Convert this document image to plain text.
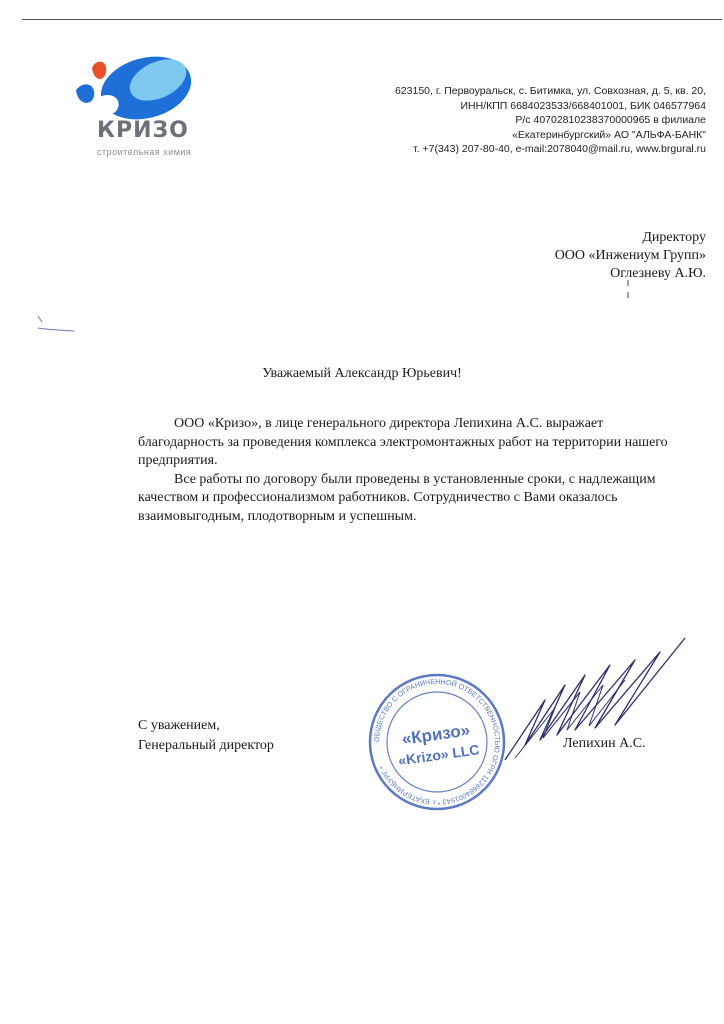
КРИЗО
строительная химия
623150, г. Первоуральск, с. Битимка, ул. Совхозная, д. 5, кв. 20,
ИНН/КПП 6684023533/668401001, БИК 046577964
Р/с 40702810238370000965 в филиале
«Екатеринбургский» АО "АЛЬФА-БАНК"
т. +7(343) 207-80-40, e-mail:2078040@mail.ru, www.brgural.ru
Директору
ООО «Инжениум Групп»
Оглезневу А.Ю.
Уважаемый Александр Юрьевич!

ООО «Кризо», в лице генерального директора Лепихина А.С. выражает благодарность за проведения комплекса электромонтажных работ на территории нашего предприятия.

Все работы по договору были проведены в установленные сроки, с надлежащим качеством и профессионализмом работников. Сотрудничество с Вами оказалось взаимовыгодным, плодотворным и успешным.

С уважением,
Генеральный директор	ОБЩЕСТВО С ОГРАНИЧЕННОЙ ОТВЕТСТВЕННОСТЬЮ ОГРН 1126684001543 * г. ЕКАТЕРИНБУРГ *
«Кризо»
«Krizo» LLC	Лепихин А.С.
